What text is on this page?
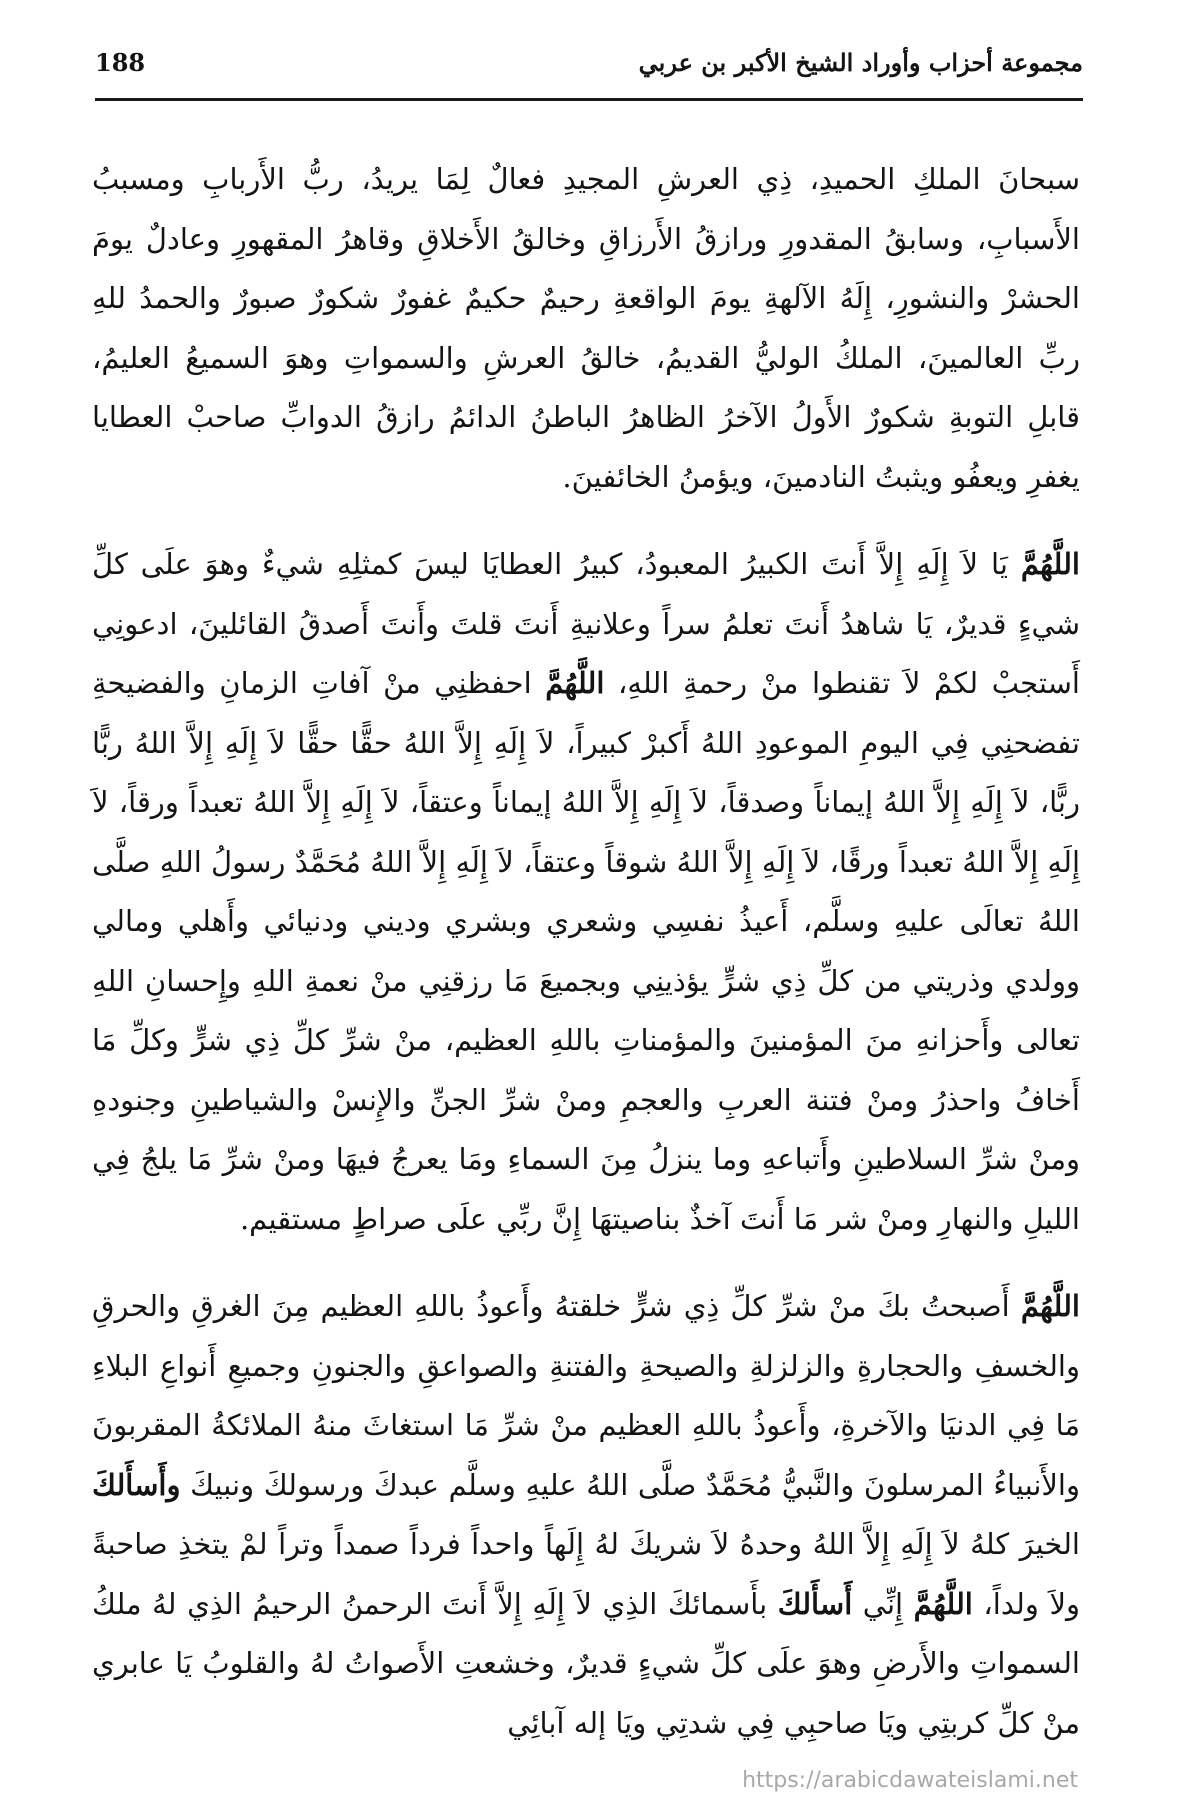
مجموعة أحزاب وأوراد الشيخ الأكبر بن عربي
188

سبحانَ الملكِ الحميدِ، ذِي العرشِ المجيدِ فعالٌ لِمَا يريدُ، ربُّ الأَربابِ ومسببُ الأَسبابِ، وسابقُ المقدورِ ورازقُ الأَرزاقِ وخالقُ الأَخلاقِ وقاهرُ المقهورِ وعادلٌ يومَ الحشرْ والنشورِ، إِلَهُ الآلهةِ يومَ الواقعةِ رحيمٌ حكيمٌ غفورٌ شكورٌ صبورٌ والحمدُ للهِ ربِّ العالمينَ، الملكُ الوليُّ القديمُ، خالقُ العرشِ والسمواتِ وهوَ السميعُ العليمُ، قابلِ التوبةِ شكورٌ الأَولُ الآخرُ الظاهرُ الباطنُ الدائمُ رازقُ الدوابِّ صاحبْ العطايا يغفرِ ويعفُو ويثبتُ النادمينَ، ويؤمنُ الخائفينَ.

اللَّهُمَّ يَا لاَ إِلَهِ إِلاَّ أَنتَ الكبيرُ المعبودُ، كبيرُ العطايَا ليسَ كمثلِهِ شيءٌ وهوَ علَى كلِّ شيءٍ قديرٌ، يَا شاهدُ أَنتَ تعلمُ سراً وعلانيةِ أَنتَ قلتَ وأَنتَ أَصدقُ القائلينَ، ادعونِي أَستجبْ لكمْ لاَ تقنطوا منْ رحمةِ اللهِ، اللَّهُمَّ احفظنِي منْ آفاتِ الزمانِ والفضيحةِ تفضحنِي فِي اليومِ الموعودِ اللهُ أَكبرْ كبيراً، لاَ إِلَهِ إِلاَّ اللهُ حقًّا حقًّا لاَ إِلَهِ إِلاَّ اللهُ ربًّا ربًّا، لاَ إِلَهِ إِلاَّ اللهُ إيماناً وصدقاً، لاَ إِلَهِ إِلاَّ اللهُ إيماناً وعتقاً، لاَ إِلَهِ إِلاَّ اللهُ تعبداً ورقاً، لاَ إِلَهِ إِلاَّ اللهُ تعبداً ورقًا، لاَ إِلَهِ إِلاَّ اللهُ شوقاً وعتقاً، لاَ إِلَهِ إِلاَّ اللهُ مُحَمَّدٌ رسولُ اللهِ صلَّى اللهُ تعالَى عليهِ وسلَّم، أَعيذُ نفسِي وشعري وبشري وديني ودنيائي وأَهلي ومالي وولدي وذريتي من كلِّ ذِي شرٍّ يؤذينِي وبجميعَ مَا رزقنِي منْ نعمةِ اللهِ وإِحسانِ اللهِ تعالى وأَحزانهِ منَ المؤمنينَ والمؤمناتِ باللهِ العظيم، منْ شرِّ كلِّ ذِي شرٍّ وكلِّ مَا أَخافُ واحذرُ ومنْ فتنة العربِ والعجمِ ومنْ شرِّ الجنِّ والإِنسْ والشياطينِ وجنودهِ ومنْ شرِّ السلاطينِ وأَتباعهِ وما ينزلُ مِنَ السماءِ ومَا يعرجُ فيهَا ومنْ شرِّ مَا يلجُ فِي الليلِ والنهارِ ومنْ شر مَا أَنتَ آخذٌ بناصيتهَا إِنَّ ربِّي علَى صراطٍ مستقيم.

اللَّهُمَّ أَصبحتُ بكَ منْ شرِّ كلِّ ذِي شرٍّ خلقتهُ وأَعوذُ باللهِ العظيم مِنَ الغرقِ والحرقِ والخسفِ والحجارةِ والزلزلةِ والصيحةِ والفتنةِ والصواعقِ والجنونِ وجميعِ أَنواعِ البلاءِ مَا فِي الدنيَا والآخرةِ، وأَعوذُ باللهِ العظيم منْ شرِّ مَا استغاثَ منهُ الملائكةُ المقربونَ والأَنبياءُ المرسلونَ والنَّبيُّ مُحَمَّدٌ صلَّى اللهُ عليهِ وسلَّم عبدكَ ورسولكَ ونبيكَ وأَسأَلكَ الخيرَ كلهُ لاَ إِلَهِ إِلاَّ اللهُ وحدهُ لاَ شريكَ لهُ إِلَهاً واحداً فرداً صمداً وتراً لمْ يتخذِ صاحبةً ولاَ ولداً، اللَّهُمَّ إِنِّي أَسأَلكَ بأَسمائكَ الذِي لاَ إِلَهِ إِلاَّ أَنتَ الرحمنُ الرحيمُ الذِي لهُ ملكُ السمواتِ والأَرضِ وهوَ علَى كلِّ شيءٍ قديرٌ، وخشعتِ الأَصواتُ لهُ والقلوبُ يَا عابري منْ كلِّ كربتِي ويَا صاحبِي فِي شدتِي ويَا إله آبائِي

https://arabicdawateislami.net
